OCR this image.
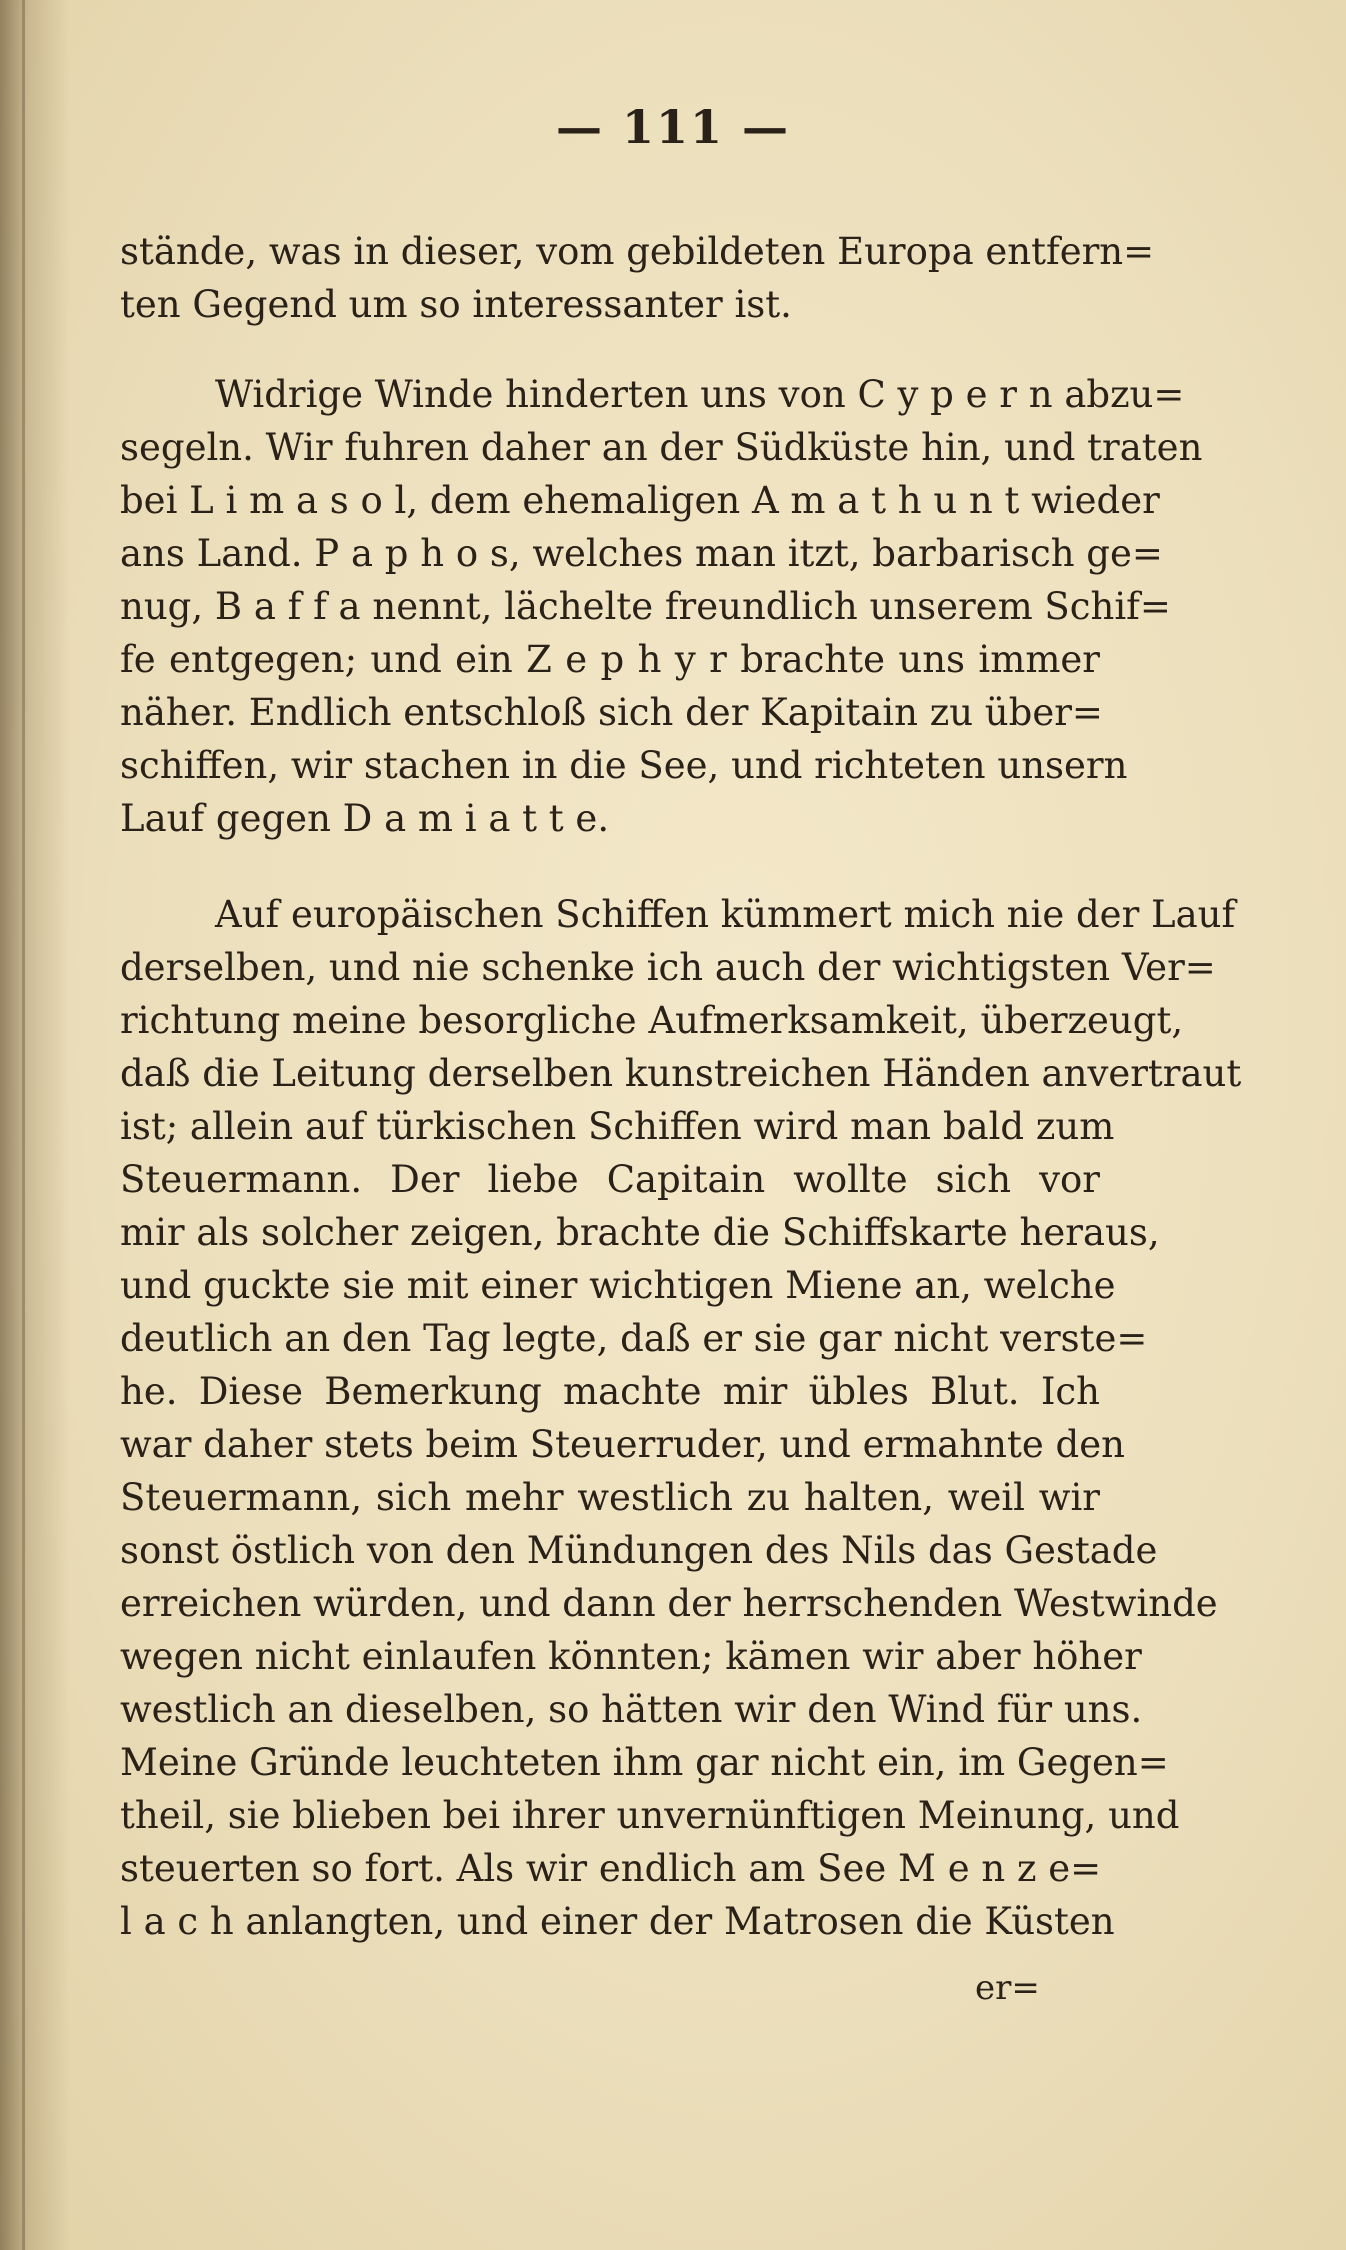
— 111 —
stände, was in dieser, vom gebildeten Europa entfern=
ten Gegend um so interessanter ist.
Widrige Winde hinderten uns von C y p e r n abzu=
segeln. Wir fuhren daher an der Südküste hin, und traten
bei L i m a s o l, dem ehemaligen A m a t h u n t wieder
ans Land. P a p h o s, welches man itzt, barbarisch ge=
nug, B a f f a nennt, lächelte freundlich unserem Schif=
fe entgegen; und ein Z e p h y r brachte uns immer
näher. Endlich entschloß sich der Kapitain zu über=
schiffen, wir stachen in die See, und richteten unsern
Lauf gegen D a m i a t t e.
Auf europäischen Schiffen kümmert mich nie der Lauf
derselben, und nie schenke ich auch der wichtigsten Ver=
richtung meine besorgliche Aufmerksamkeit, überzeugt,
daß die Leitung derselben kunstreichen Händen anvertraut
ist; allein auf türkischen Schiffen wird man bald zum
Steuermann. Der liebe Capitain wollte sich vor
mir als solcher zeigen, brachte die Schiffskarte heraus,
und guckte sie mit einer wichtigen Miene an, welche
deutlich an den Tag legte, daß er sie gar nicht verste=
he. Diese Bemerkung machte mir übles Blut. Ich
war daher stets beim Steuerruder, und ermahnte den
Steuermann, sich mehr westlich zu halten, weil wir
sonst östlich von den Mündungen des Nils das Gestade
erreichen würden, und dann der herrschenden Westwinde
wegen nicht einlaufen könnten; kämen wir aber höher
westlich an dieselben, so hätten wir den Wind für uns.
Meine Gründe leuchteten ihm gar nicht ein, im Gegen=
theil, sie blieben bei ihrer unvernünftigen Meinung, und
steuerten so fort. Als wir endlich am See M e n z e=
l a c h anlangten, und einer der Matrosen die Küsten
er=
